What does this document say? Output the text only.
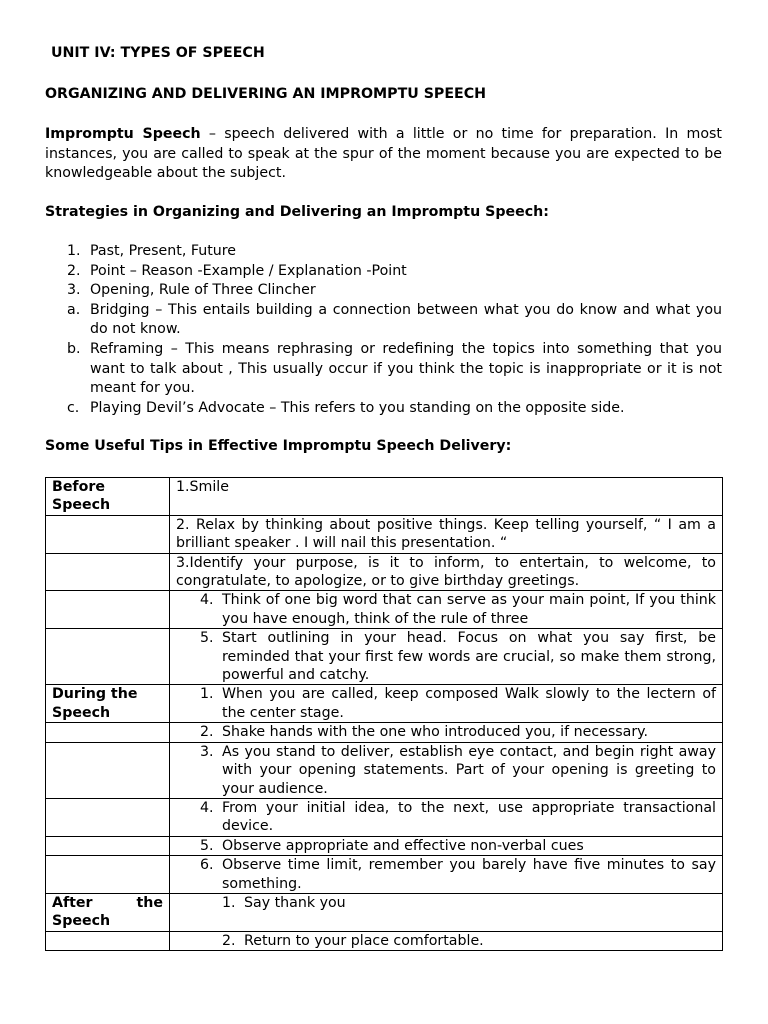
UNIT IV: TYPES OF SPEECH
ORGANIZING AND DELIVERING AN IMPROMPTU SPEECH
Impromptu Speech – speech delivered with a little or no time for preparation. In most instances, you are called to speak at the spur of the moment because you are expected to be knowledgeable about the subject.
Strategies in Organizing and Delivering an Impromptu Speech:
1. Past, Present, Future
2. Point – Reason -Example / Explanation -Point
3. Opening, Rule of Three Clincher
a. Bridging – This entails building a connection between what you do know and what you do not know.
b. Reframing – This means rephrasing or redefining the topics into something that you want to talk about , This usually occur if you think the topic is inappropriate or it is not meant for you.
c. Playing Devil’s Advocate – This refers to you standing on the opposite side.
Some Useful Tips in Effective Impromptu Speech Delivery:
Before Speech	1.Smile
	2. Relax by thinking about positive things. Keep telling yourself, “ I am a brilliant speaker . I will nail this presentation. “
	3.Identify your purpose, is it to inform, to entertain, to welcome, to congratulate, to apologize, or to give birthday greetings.

	4. Think of one big word that can serve as your main point, If you think you have enough, think of the rule of three

	5. Start outlining in your head. Focus on what you say first, be reminded that your first few words are crucial, so make them strong, powerful and catchy.

During the Speech	1. When you are called, keep composed Walk slowly to the lectern of the center stage.

	2. Shake hands with the one who introduced you, if necessary.

	3. As you stand to deliver, establish eye contact, and begin right away with your opening statements. Part of your opening is greeting to your audience.

	4. From your initial idea, to the next, use appropriate transactional device.

	5. Observe appropriate and effective non-verbal cues

	6. Observe time limit, remember you barely have five minutes to say something.

After the Speech	1. Say thank you

	2. Return to your place comfortable.
